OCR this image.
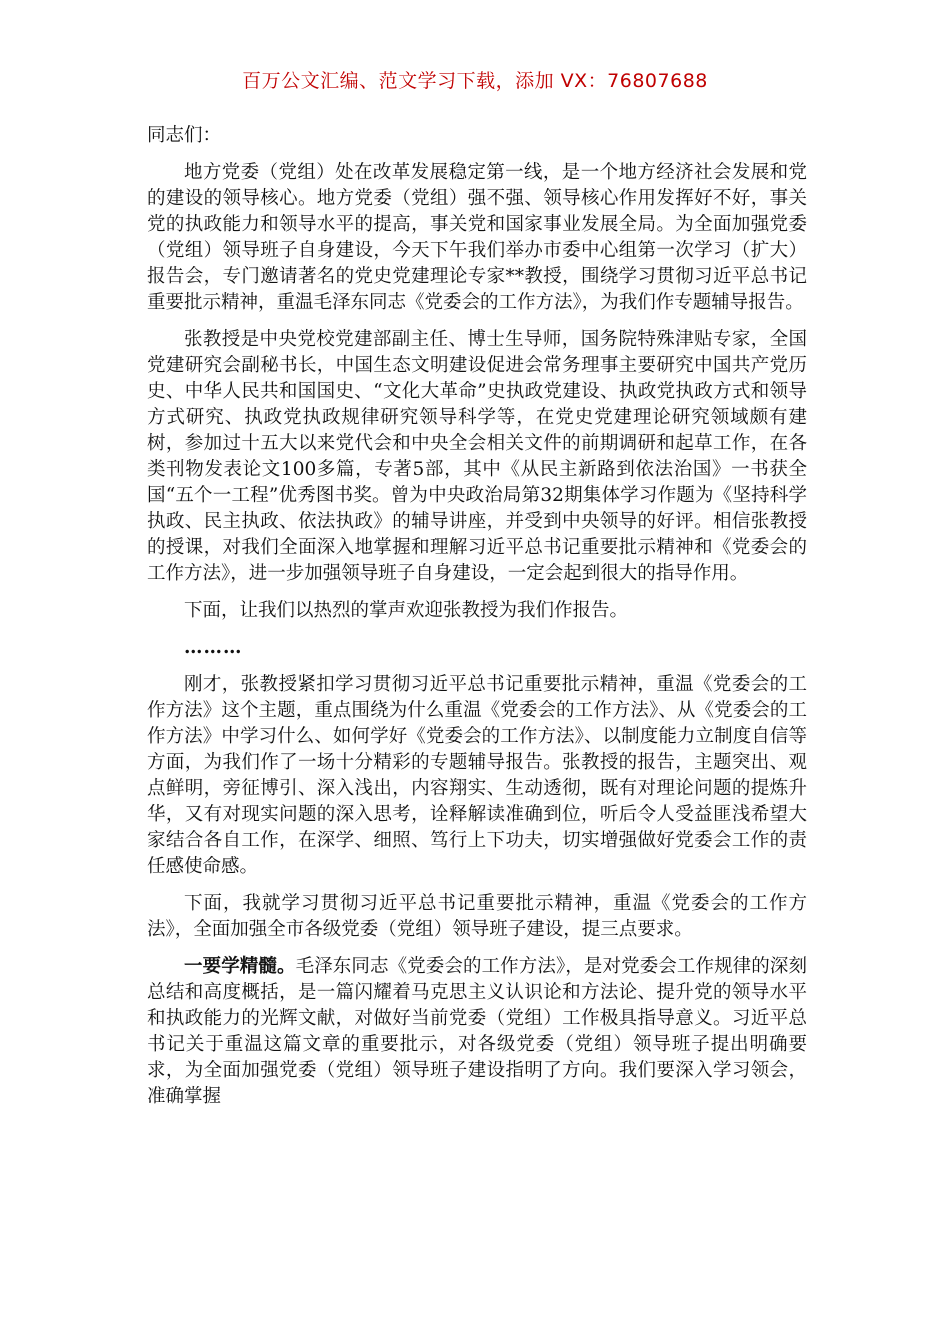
百万公文汇编、范文学习下载，添加 VX：76807688

同志们：

地方党委（党组）处在改革发展稳定第一线，是一个地方经济社会发展和党的建设的领导核心。地方党委（党组）强不强、领导核心作用发挥好不好，事关党的执政能力和领导水平的提高，事关党和国家事业发展全局。为全面加强党委（党组）领导班子自身建设，今天下午我们举办市委中心组第一次学习（扩大）报告会，专门邀请著名的党史党建理论专家**教授，围绕学习贯彻习近平总书记重要批示精神，重温毛泽东同志《党委会的工作方法》，为我们作专题辅导报告。

张教授是中央党校党建部副主任、博士生导师，国务院特殊津贴专家，全国党建研究会副秘书长，中国生态文明建设促进会常务理事主要研究中国共产党历史、中华人民共和国国史、“文化大革命”史执政党建设、执政党执政方式和领导方式研究、执政党执政规律研究领导科学等，在党史党建理论研究领域颇有建树，参加过十五大以来党代会和中央全会相关文件的前期调研和起草工作，在各类刊物发表论文100多篇，专著5部，其中《从民主新路到依法治国》一书获全国“五个一工程”优秀图书奖。曾为中央政治局第32期集体学习作题为《坚持科学执政、民主执政、依法执政》的辅导讲座，并受到中央领导的好评。相信张教授的授课，对我们全面深入地掌握和理解习近平总书记重要批示精神和《党委会的工作方法》，进一步加强领导班子自身建设，一定会起到很大的指导作用。

下面，让我们以热烈的掌声欢迎张教授为我们作报告。

………

刚才，张教授紧扣学习贯彻习近平总书记重要批示精神，重温《党委会的工作方法》这个主题，重点围绕为什么重温《党委会的工作方法》、从《党委会的工作方法》中学习什么、如何学好《党委会的工作方法》、以制度能力立制度自信等方面，为我们作了一场十分精彩的专题辅导报告。张教授的报告，主题突出、观点鲜明，旁征博引、深入浅出，内容翔实、生动透彻，既有对理论问题的提炼升华，又有对现实问题的深入思考，诠释解读准确到位，听后令人受益匪浅希望大家结合各自工作，在深学、细照、笃行上下功夫，切实增强做好党委会工作的责任感使命感。

下面，我就学习贯彻习近平总书记重要批示精神，重温《党委会的工作方法》，全面加强全市各级党委（党组）领导班子建设，提三点要求。

一要学精髓。毛泽东同志《党委会的工作方法》，是对党委会工作规律的深刻总结和高度概括，是一篇闪耀着马克思主义认识论和方法论、提升党的领导水平和执政能力的光辉文献，对做好当前党委（党组）工作极具指导意义。习近平总书记关于重温这篇文章的重要批示，对各级党委（党组）领导班子提出明确要求，为全面加强党委（党组）领导班子建设指明了方向。我们要深入学习领会，准确掌握
